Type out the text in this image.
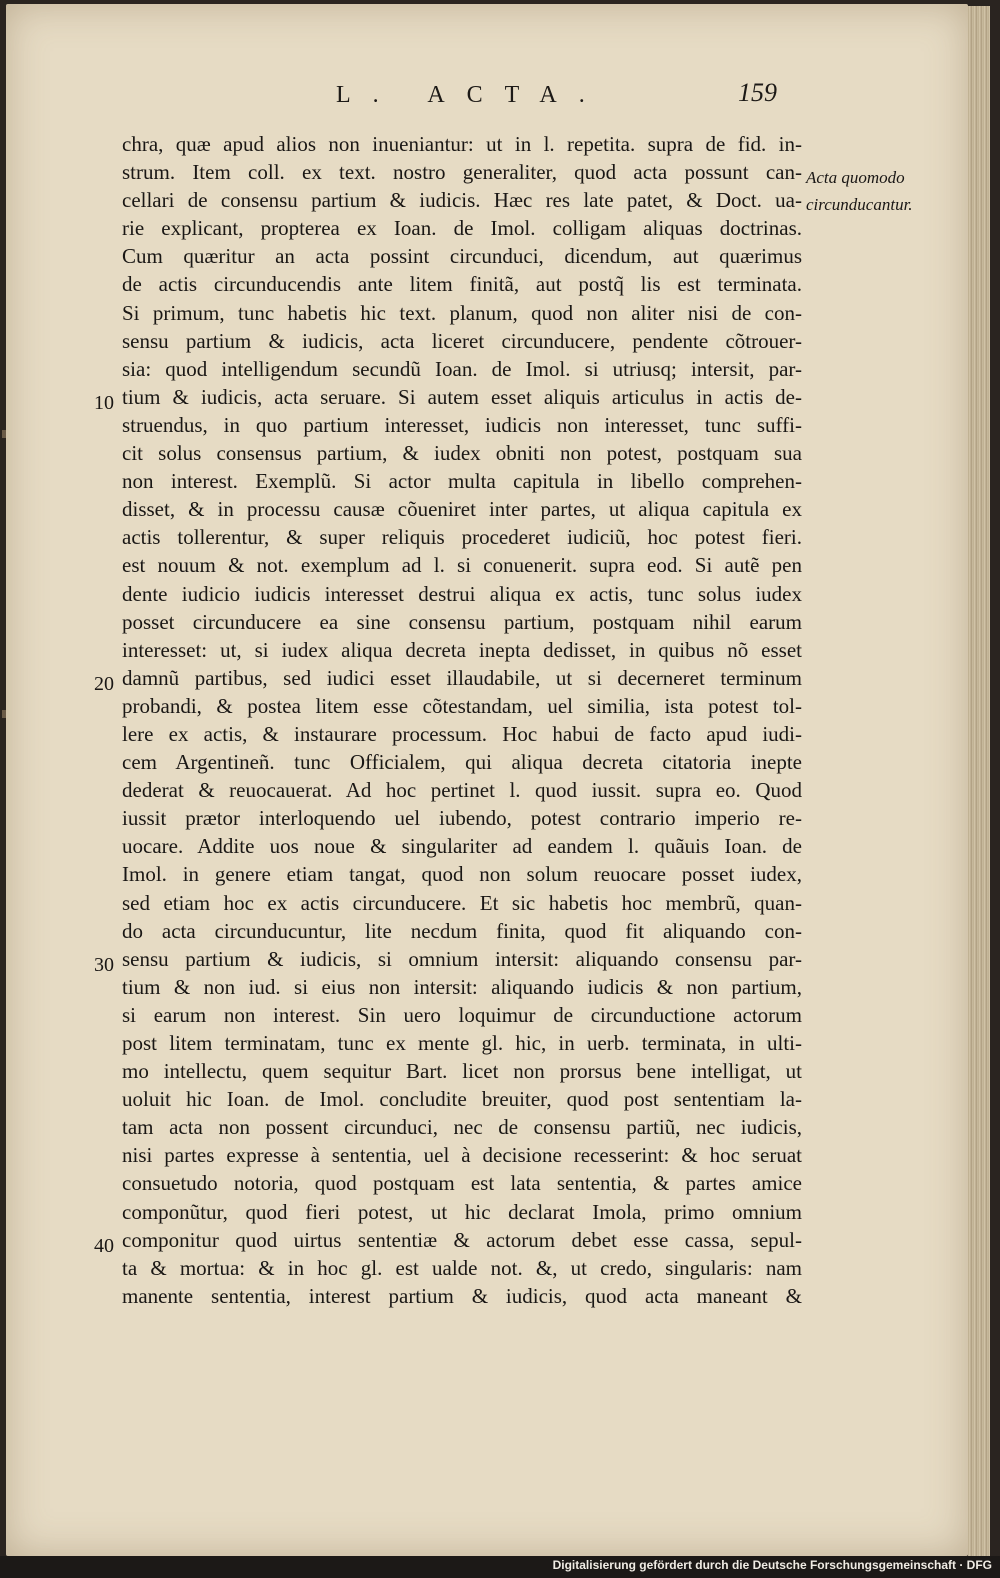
L. ACTA.	159
Acta quomodo circunducantur.
10
20
30
40
chra, quæ apud alios non inueniantur: ut in l. repetita. supra de fid. in-
strum. Item coll. ex text. nostro generaliter, quod acta possunt can-
cellari de consensu partium & iudicis. Hæc res late patet, & Doct. ua-
rie explicant, propterea ex Ioan. de Imol. colligam aliquas doctrinas.
Cum quæritur an acta possint circunduci, dicendum, aut quærimus
de actis circunducendis ante litem finitã, aut postq̃ lis est terminata.
Si primum, tunc habetis hic text. planum, quod non aliter nisi de con-
sensu partium & iudicis, acta liceret circunducere, pendente cõtrouer-
sia: quod intelligendum secundũ Ioan. de Imol. si utriusq; intersit, par-
tium & iudicis, acta seruare. Si autem esset aliquis articulus in actis de-
struendus, in quo partium interesset, iudicis non interesset, tunc suffi-
cit solus consensus partium, & iudex obniti non potest, postquam sua
non interest. Exemplũ. Si actor multa capitula in libello comprehen-
disset, & in processu causæ cõueniret inter partes, ut aliqua capitula ex
actis tollerentur, & super reliquis procederet iudiciũ, hoc potest fieri.
est nouum & not. exemplum ad l. si conuenerit. supra eod. Si autẽ pen
dente iudicio iudicis interesset destrui aliqua ex actis, tunc solus iudex
posset circunducere ea sine consensu partium, postquam nihil earum
interesset: ut, si iudex aliqua decreta inepta dedisset, in quibus nõ esset
damnũ partibus, sed iudici esset illaudabile, ut si decerneret terminum
probandi, & postea litem esse cõtestandam, uel similia, ista potest tol-
lere ex actis, & instaurare processum. Hoc habui de facto apud iudi-
cem Argentineñ. tunc Officialem, qui aliqua decreta citatoria inepte
dederat & reuocauerat. Ad hoc pertinet l. quod iussit. supra eo. Quod
iussit prætor interloquendo uel iubendo, potest contrario imperio re-
uocare. Addite uos noue & singulariter ad eandem l. quãuis Ioan. de
Imol. in genere etiam tangat, quod non solum reuocare posset iudex,
sed etiam hoc ex actis circunducere. Et sic habetis hoc membrũ, quan-
do acta circunducuntur, lite necdum finita, quod fit aliquando con-
sensu partium & iudicis, si omnium intersit: aliquando consensu par-
tium & non iud. si eius non intersit: aliquando iudicis & non partium,
si earum non interest. Sin uero loquimur de circunductione actorum
post litem terminatam, tunc ex mente gl. hic, in uerb. terminata, in ulti-
mo intellectu, quem sequitur Bart. licet non prorsus bene intelligat, ut
uoluit hic Ioan. de Imol. concludite breuiter, quod post sententiam la-
tam acta non possent circunduci, nec de consensu partiũ, nec iudicis,
nisi partes expresse à sententia, uel à decisione recesserint: & hoc seruat
consuetudo notoria, quod postquam est lata sententia, & partes amice
componũtur, quod fieri potest, ut hic declarat Imola, primo omnium
componitur quod uirtus sententiæ & actorum debet esse cassa, sepul-
ta & mortua: & in hoc gl. est ualde not. &, ut credo, singularis: nam
manente sententia, interest partium & iudicis, quod acta maneant &
Digitalisierung gefördert durch die Deutsche Forschungsgemeinschaft · DFG
